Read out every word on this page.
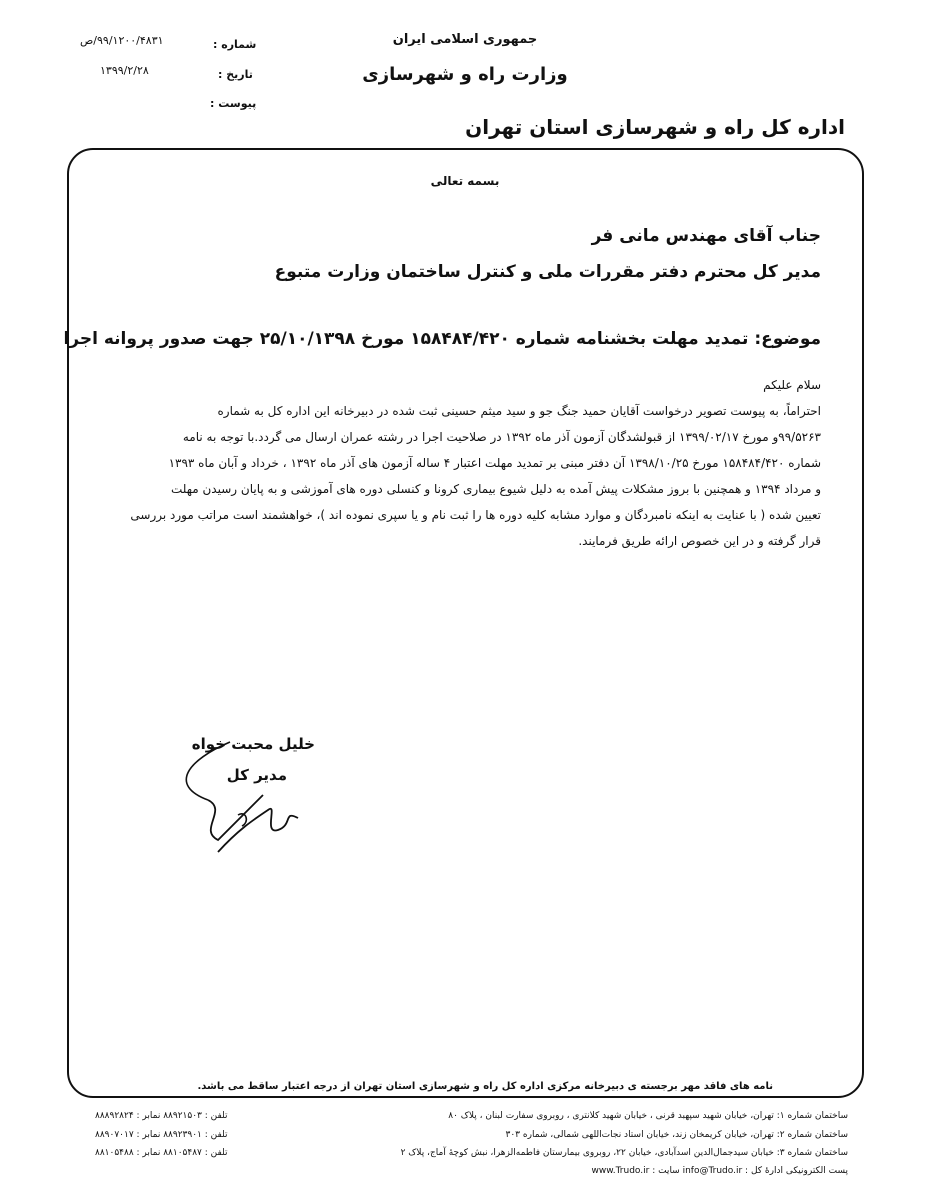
جمهوری اسلامی ایران
وزارت راه و شهرسازی
شماره :
۹۹/۱۲۰۰/۴۸۳۱/ص
تاریخ :
۱۳۹۹/۲/۲۸
پیوست :
اداره کل راه و شهرسازی استان تهران
بسمه تعالی
جناب آقای مهندس مانی فر
مدیر کل محترم دفتر مقررات ملی و کنترل ساختمان وزارت متبوع
موضوع: تمدید مهلت بخشنامه شماره ۱۵۸۴۸۴/۴۲۰ مورخ ۲۵/۱۰/۱۳۹۸ جهت صدور پروانه اجرا
سلام علیکم
احتراماً، به پیوست تصویر درخواست آقایان حمید جنگ جو و سید میثم حسینی ثبت شده در دبیرخانه این اداره کل به شماره
۹۹/۵۲۶۳و مورخ ۱۳۹۹/۰۲/۱۷ از قبولشدگان آزمون آذر ماه ۱۳۹۲ در صلاحیت اجرا در رشته عمران ارسال می گردد.با توجه به نامه
شماره ۱۵۸۴۸۴/۴۲۰ مورخ ۱۳۹۸/۱۰/۲۵ آن دفتر مبنی بر تمدید مهلت اعتبار ۴ ساله آزمون های آذر ماه ۱۳۹۲ ، خرداد و آبان ماه ۱۳۹۳
و مرداد ۱۳۹۴ و همچنین با بروز مشکلات پیش آمده به دلیل شیوع بیماری کرونا و کنسلی دوره های آموزشی و به پایان رسیدن مهلت
تعیین شده ( با عنایت به اینکه نامبردگان و موارد مشابه کلیه دوره ها را ثبت نام و یا سپری نموده اند )، خواهشمند است مراتب مورد بررسی
قرار گرفته و در این خصوص ارائه طریق فرمایند.
خلیل محبت خواه
مدیر کل
نامه های فاقد مهر برجسته ی دبیرخانه مرکزی اداره کل راه و شهرسازی استان تهران از درجه اعتبار ساقط می باشد.
ساختمان شماره ۱: تهران، خیابان شهید سپهبد قرنی ، خیابان شهید کلانتری ، روبروی سفارت لبنان ، پلاک ۸۰
ساختمان شماره ۲: تهران، خیابان کریمخان زند، خیابان استاد نجات‌اللهی شمالی، شماره ۳۰۳
ساختمان شماره ۳: خیابان سیدجمال‌الدین اسدآبادی، خیابان ۲۲، روبروی بیمارستان فاطمه‌الزهرا، نبش کوچهٔ آماج، پلاک ۲
پست الکترونیکی ادارهٔ کل : info@Trudo.ir سایت : www.Trudo.ir
تلفن : ۸۸۹۲۱۵۰۳ نمابر : ۸۸۸۹۲۸۲۴
تلفن : ۸۸۹۲۳۹۰۱ نمابر : ۸۸۹۰۷۰۱۷
تلفن : ۸۸۱۰۵۴۸۷ نمابر : ۸۸۱۰۵۴۸۸
